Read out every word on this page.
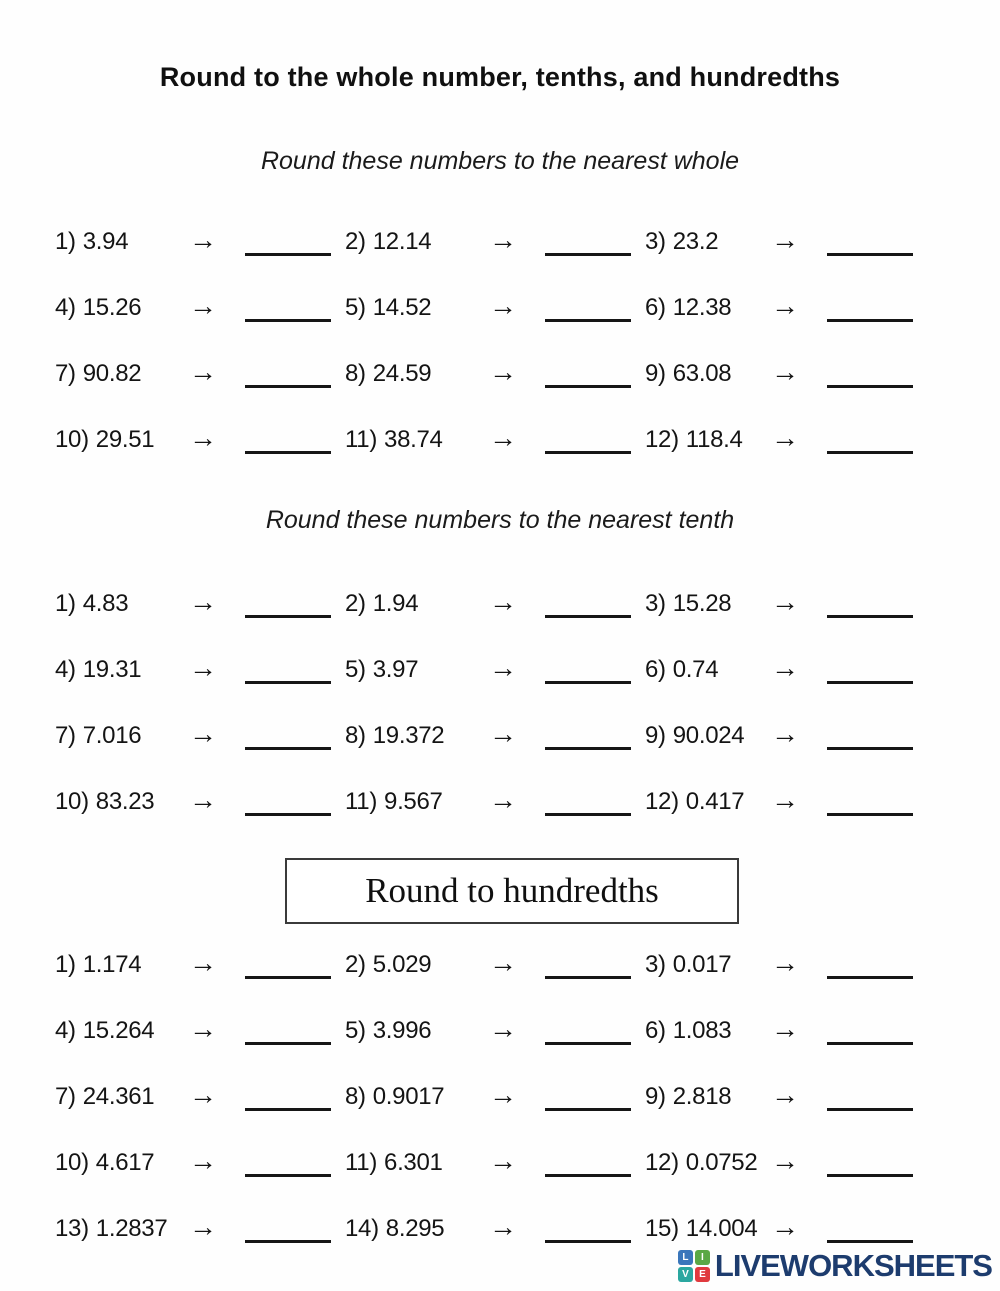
Round to the whole number, tenths, and hundredths
Round these numbers to the nearest whole
1) 3.94	→	2) 12.14	→	3) 23.2	→
4) 15.26	→	5) 14.52	→	6) 12.38	→
7) 90.82	→	8) 24.59	→	9) 63.08	→
10) 29.51	→	11) 38.74	→	12) 118.4	→
Round these numbers to the nearest tenth
1) 4.83	→	2) 1.94	→	3) 15.28	→
4) 19.31	→	5) 3.97	→	6) 0.74	→
7) 7.016	→	8) 19.372	→	9) 90.024 →
10) 83.23	→	11) 9.567	→	12) 0.417 →
Round to hundredths
1) 1.174	→	2) 5.029	→	3) 0.017	→
4) 15.264	→	5) 3.996	→	6) 1.083	→
7) 24.361	→	8) 0.9017	→	9) 2.818	→
10) 4.617	→	11) 6.301	→	12) 0.0752 →
13) 1.2837 →	14) 8.295	→	15) 14.004 →
L	I
V	E LIVEWORKSHEETS
